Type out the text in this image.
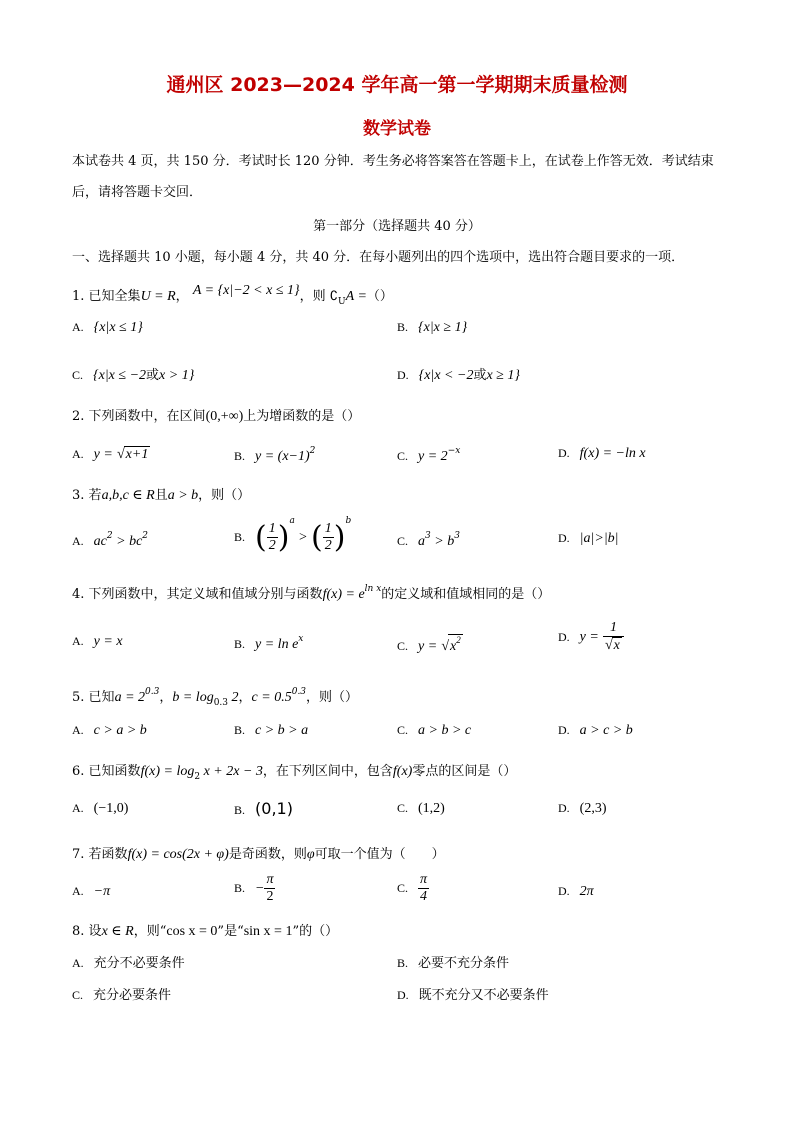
通州区 2023—2024 学年高一第一学期期末质量检测
数学试卷
本试卷共 4 页，共 150 分．考试时长 120 分钟．考生务必将答案答在答题卡上，在试卷上作答无效．考试结束
后，请将答题卡交回．
第一部分（选择题共 40 分）
一、选择题共 10 小题，每小题 4 分，共 40 分．在每小题列出的四个选项中，选出符合题目要求的一项．
1. 已知全集U = R， A = {x|−2 < x ≤ 1}，则 $∁_UA$ =（）
A. {x|x ≤ 1}	B. {x|x ≥ 1}
C. {x|x ≤ −2或x > 1}	D. {x|x < −2或x ≥ 1}
2. 下列函数中，在区间(0,+∞)上为增函数的是（）
A. y = √x+1	B. $y = (x-1)^2$	C. $y = 2^{-x}$	D. f(x) = −ln x
3. 若a,b,c ∈ R且a > b，则（）
A. $ac^2 > bc^2$	B. ( $\frac{1}{2} )^a$ > ( $\frac{1}{2} )^b$
C. $a^3 > b^3$	D. |a|>|b|
4. 下列函数中，其定义域和值域分别与函数$f(x) = e^{ln x}$的定义域和值域相同的是（）
A. y = x	B. $y = \ln e^x$	C. $y = √x^2$	D. $y = \frac{1}{√x}$
5. 已知$a = 2^{0.3}$，$b = \log_{0.3} 2$，$c = 0.5^{0.3}$，则（）
A. c > a > b	B. c > b > a	C. a > b > c	D. a > c > b
6. 已知函数$f(x) = \log_2 x + 2x - 3$，在下列区间中，包含f(x)零点的区间是（）
A. (−1,0)	B. (0,1)	C. (1,2)	D. (2,3)
7. 若函数f(x) = cos(2x + φ)是奇函数，则φ可取一个值为（　　）
A. −π	B. − $\frac{\pi}{2}$	C. $\frac{\pi}{4}$	D. 2π
8. 设x ∈ R，则“cos x = 0”是“sin x = 1”的（）
A. 充分不必要条件	B. 必要不充分条件
C. 充分必要条件	D. 既不充分又不必要条件
